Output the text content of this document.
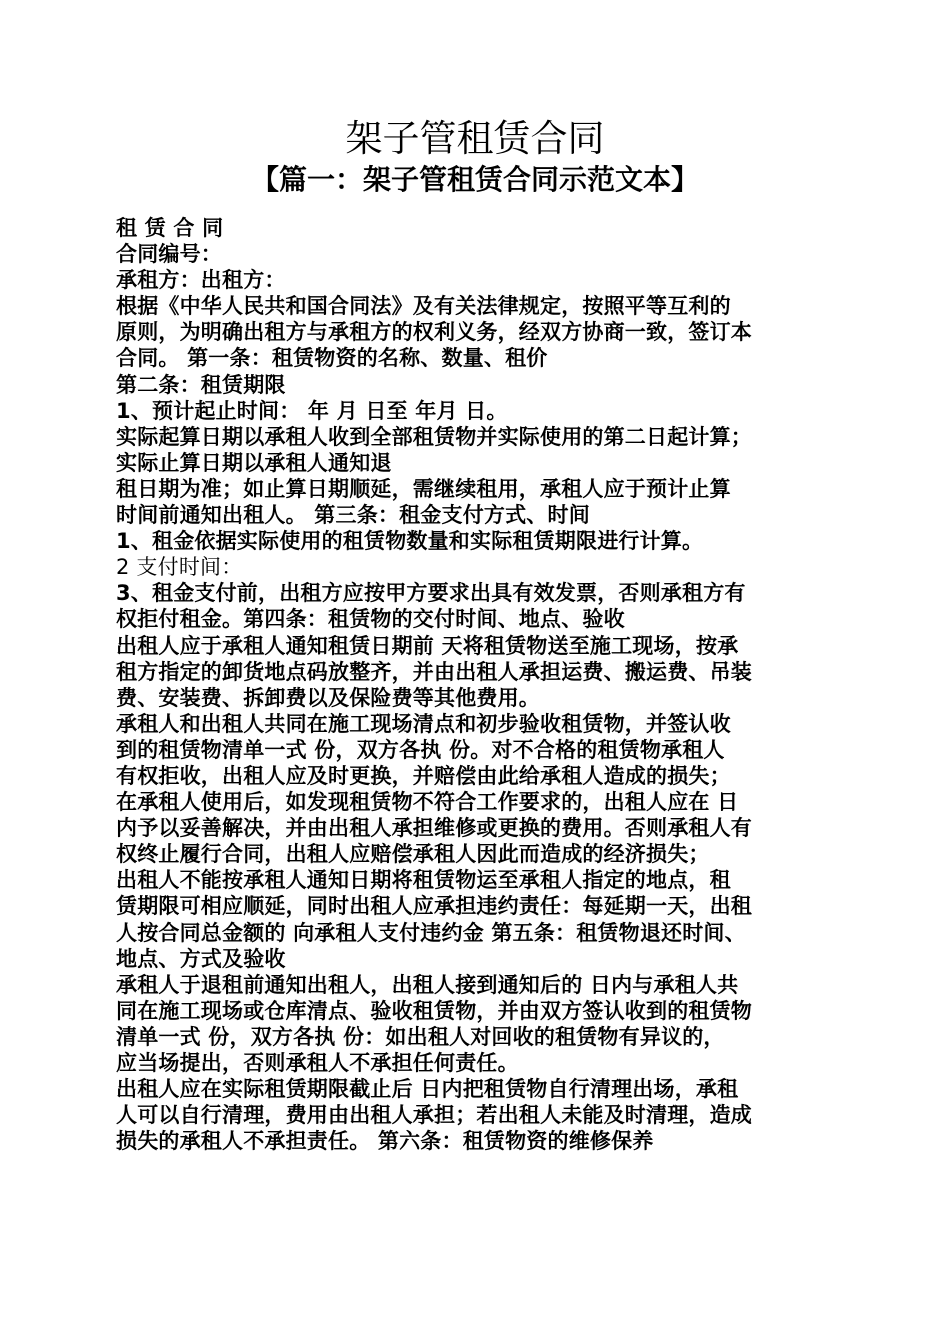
架子管租赁合同
【篇一：架子管租赁合同示范文本】
租 赁 合 同
合同编号：
承租方：出租方：
根据《中华人民共和国合同法》及有关法律规定，按照平等互利的
原则，为明确出租方与承租方的权利义务，经双方协商一致，签订本
合同。 第一条：租赁物资的名称、数量、租价
第二条：租赁期限
1、预计起止时间： 年 月 日至 年月 日。
实际起算日期以承租人收到全部租赁物并实际使用的第二日起计算；
实际止算日期以承租人通知退
租日期为准；如止算日期顺延，需继续租用，承租人应于预计止算
时间前通知出租人。 第三条：租金支付方式、时间
1、租金依据实际使用的租赁物数量和实际租赁期限进行计算。
2 支付时间：
3、租金支付前，出租方应按甲方要求出具有效发票，否则承租方有
权拒付租金。第四条：租赁物的交付时间、地点、验收
出租人应于承租人通知租赁日期前 天将租赁物送至施工现场，按承
租方指定的卸货地点码放整齐，并由出租人承担运费、搬运费、吊装
费、安装费、拆卸费以及保险费等其他费用。
承租人和出租人共同在施工现场清点和初步验收租赁物，并签认收
到的租赁物清单一式 份，双方各执 份。对不合格的租赁物承租人
有权拒收，出租人应及时更换，并赔偿由此给承租人造成的损失；
在承租人使用后，如发现租赁物不符合工作要求的，出租人应在 日
内予以妥善解决，并由出租人承担维修或更换的费用。否则承租人有
权终止履行合同，出租人应赔偿承租人因此而造成的经济损失；
出租人不能按承租人通知日期将租赁物运至承租人指定的地点，租
赁期限可相应顺延，同时出租人应承担违约责任：每延期一天，出租
人按合同总金额的 向承租人支付违约金 第五条：租赁物退还时间、
地点、方式及验收
承租人于退租前通知出租人，出租人接到通知后的 日内与承租人共
同在施工现场或仓库清点、验收租赁物，并由双方签认收到的租赁物
清单一式 份，双方各执 份：如出租人对回收的租赁物有异议的，
应当场提出，否则承租人不承担任何责任。
出租人应在实际租赁期限截止后 日内把租赁物自行清理出场，承租
人可以自行清理，费用由出租人承担；若出租人未能及时清理，造成
损失的承租人不承担责任。 第六条：租赁物资的维修保养
